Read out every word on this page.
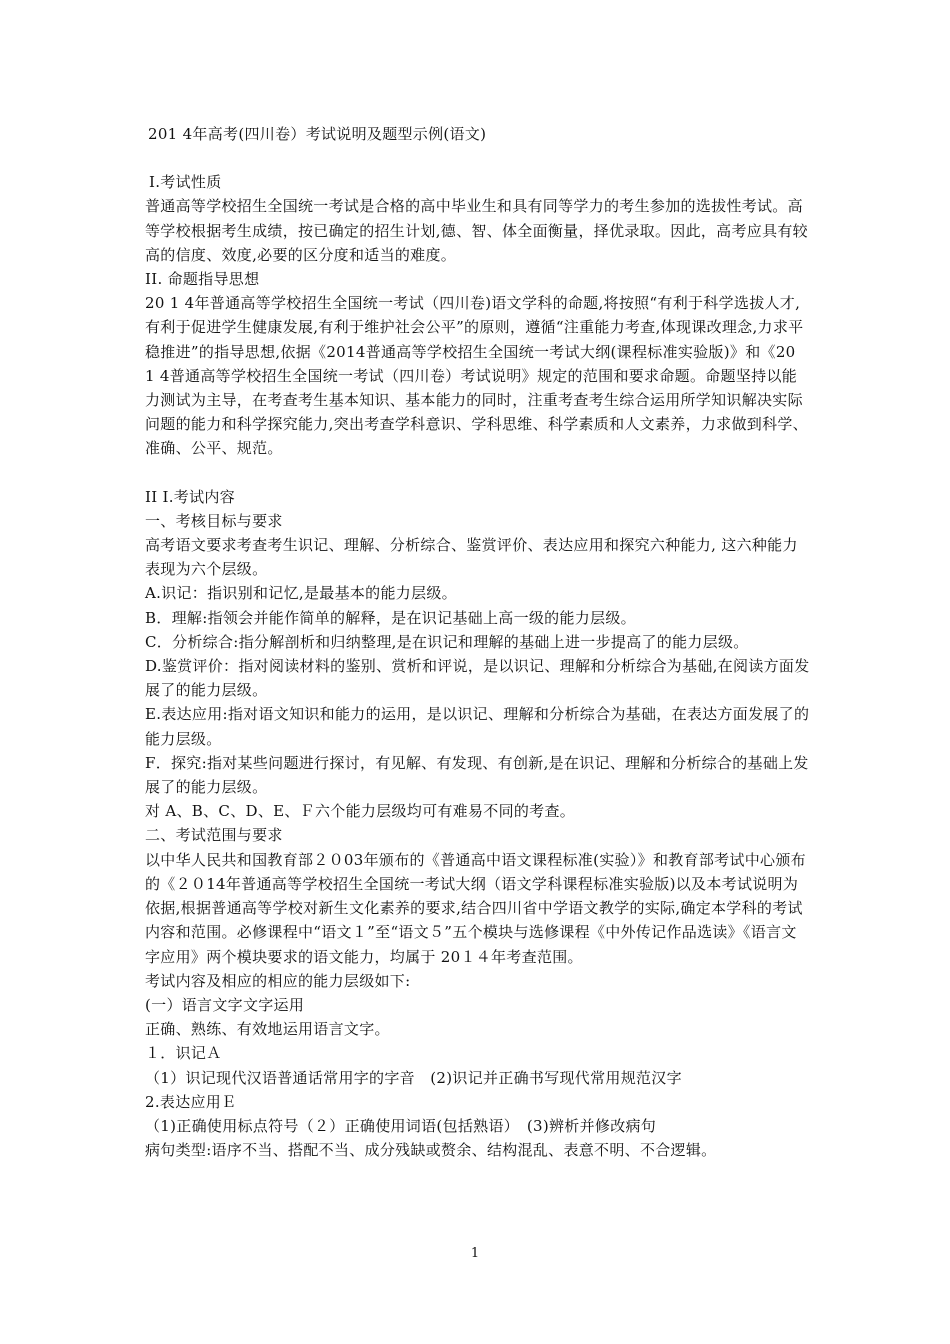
201 4年高考(四川卷）考试说明及题型示例(语文)

Ⅰ.考试性质

普通高等学校招生全国统一考试是合格的高中毕业生和具有同等学力的考生参加的选拔性考试。高等学校根据考生成绩，按已确定的招生计划,德、智、体全面衡量，择优录取。因此，高考应具有较高的信度、效度,必要的区分度和适当的难度。

II. 命题指导思想

20 1 4年普通高等学校招生全国统一考试（四川卷)语文学科的命题,将按照“有利于科学选拔人才,有利于促进学生健康发展,有利于维护社会公平”的原则，遵循“注重能力考查,体现课改理念,力求平稳推进”的指导思想,依据《2014普通高等学校招生全国统一考试大纲(课程标准实验版)》和《20 1 4普通高等学校招生全国统一考试（四川卷）考试说明》规定的范围和要求命题。命题坚持以能力测试为主导，在考查考生基本知识、基本能力的同时，注重考查考生综合运用所学知识解决实际问题的能力和科学探究能力,突出考查学科意识、学科思维、科学素质和人文素养，力求做到科学、准确、公平、规范。

II Ⅰ.考试内容

一、考核目标与要求

高考语文要求考查考生识记、理解、分析综合、鉴赏评价、表达应用和探究六种能力, 这六种能力表现为六个层级。

A.识记：指识别和记忆,是最基本的能力层级。

B．理解:指领会并能作简单的解释，是在识记基础上高一级的能力层级。

C．分析综合:指分解剖析和归纳整理,是在识记和理解的基础上进一步提高了的能力层级。

D.鉴赏评价：指对阅读材料的鉴别、赏析和评说，是以识记、理解和分析综合为基础,在阅读方面发展了的能力层级。

E.表达应用:指对语文知识和能力的运用，是以识记、理解和分析综合为基础，在表达方面发展了的能力层级。

F．探究:指对某些问题进行探讨，有见解、有发现、有创新,是在识记、理解和分析综合的基础上发展了的能力层级。

对 A、B、C、D、E、Ｆ六个能力层级均可有难易不同的考查。

二、考试范围与要求

以中华人民共和国教育部２０03年颁布的《普通高中语文课程标准(实验）》和教育部考试中心颁布的《２０14年普通高等学校招生全国统一考试大纲（语文学科课程标准实验版)以及本考试说明为依据,根据普通高等学校对新生文化素养的要求,结合四川省中学语文教学的实际,确定本学科的考试内容和范围。必修课程中“语文１”至“语文５”五个模块与选修课程《中外传记作品选读》《语言文字应用》两个模块要求的语文能力，均属于 20１４年考查范围。

考试内容及相应的相应的能力层级如下:

(一）语言文字文字运用

正确、熟练、有效地运用语言文字。

１．识记Ａ

（1）识记现代汉语普通话常用字的字音　(2)识记并正确书写现代常用规范汉字

2.表达应用Ｅ

（1)正确使用标点符号（２）正确使用词语(包括熟语）　(3)辨析并修改病句

病句类型:语序不当、搭配不当、成分残缺或赘余、结构混乱、表意不明、不合逻辑。

1
